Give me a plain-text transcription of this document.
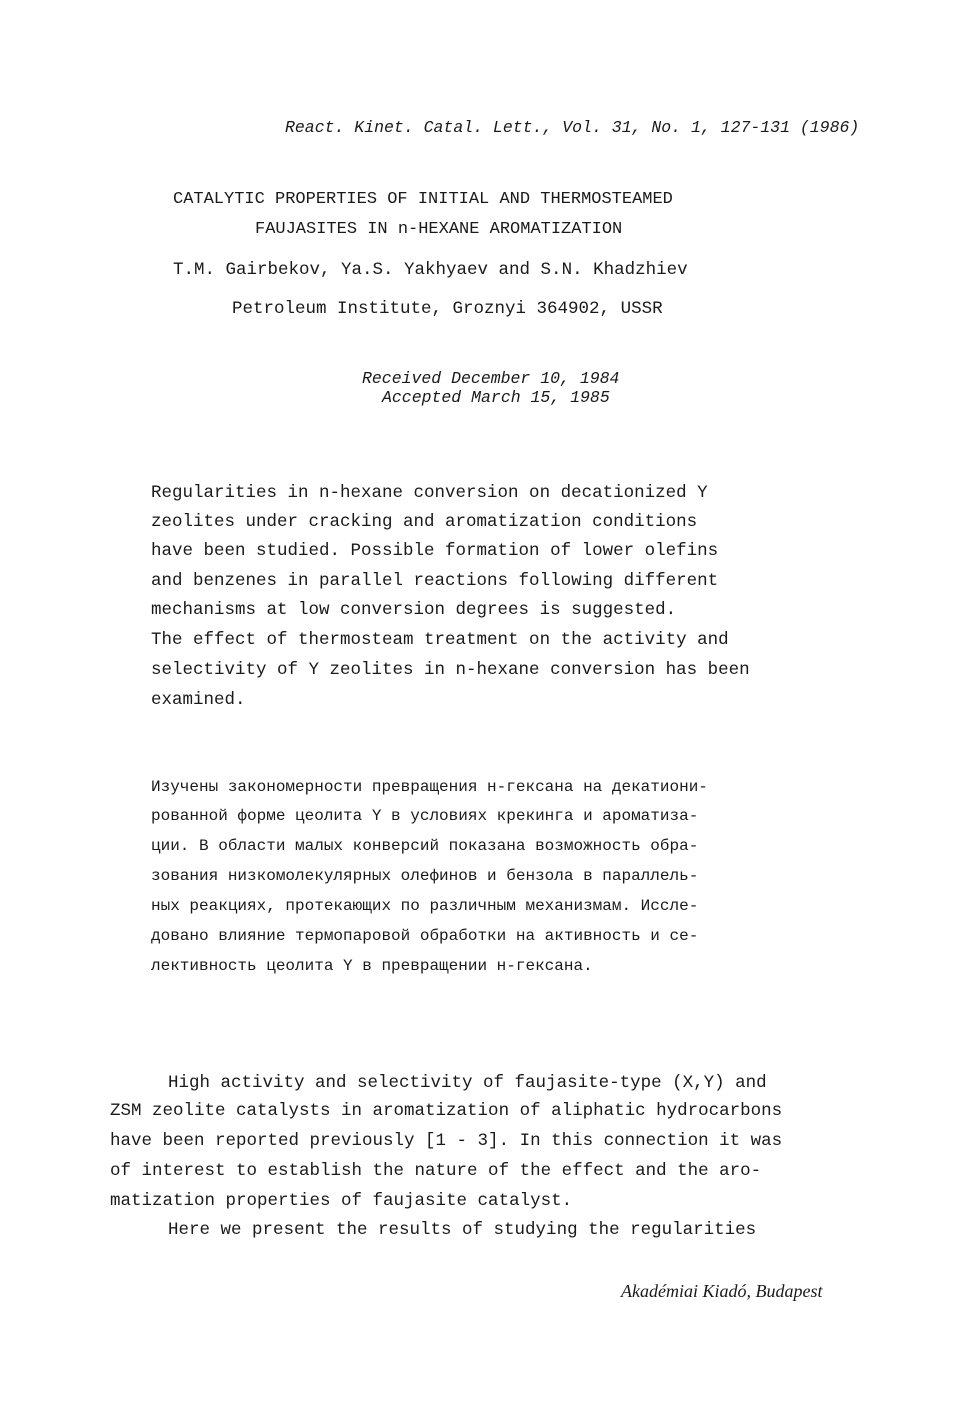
React. Kinet. Catal. Lett., Vol. 31, No. 1, 127-131 (1986)
CATALYTIC PROPERTIES OF INITIAL AND THERMOSTEAMED
FAUJASITES IN n-HEXANE AROMATIZATION
T.M. Gairbekov, Ya.S. Yakhyaev and S.N. Khadzhiev
Petroleum Institute, Groznyi 364902, USSR
Received December 10, 1984
Accepted March 15, 1985
Regularities in n-hexane conversion on decationized Y
zeolites under cracking and aromatization conditions
have been studied. Possible formation of lower olefins
and benzenes in parallel reactions following different
mechanisms at low conversion degrees is suggested.
The effect of thermosteam treatment on the activity and
selectivity of Y zeolites in n-hexane conversion has been
examined.
Изучены закономерности превращения н-гексана на декатиони-
рованной форме цеолита Y в условиях крекинга и ароматиза-
ции. В области малых конверсий показана возможность обра-
зования низкомолекулярных олефинов и бензола в параллель-
ных реакциях, протекающих по различным механизмам. Иссле-
довано влияние термопаровой обработки на активность и се-
лективность цеолита Y в превращении н-гексана.
High activity and selectivity of faujasite-type (X,Y) and
ZSM zeolite catalysts in aromatization of aliphatic hydrocarbons
have been reported previously [1 - 3]. In this connection it was
of interest to establish the nature of the effect and the aro-
matization properties of faujasite catalyst.
Here we present the results of studying the regularities
Akadémiai Kiadó, Budapest
